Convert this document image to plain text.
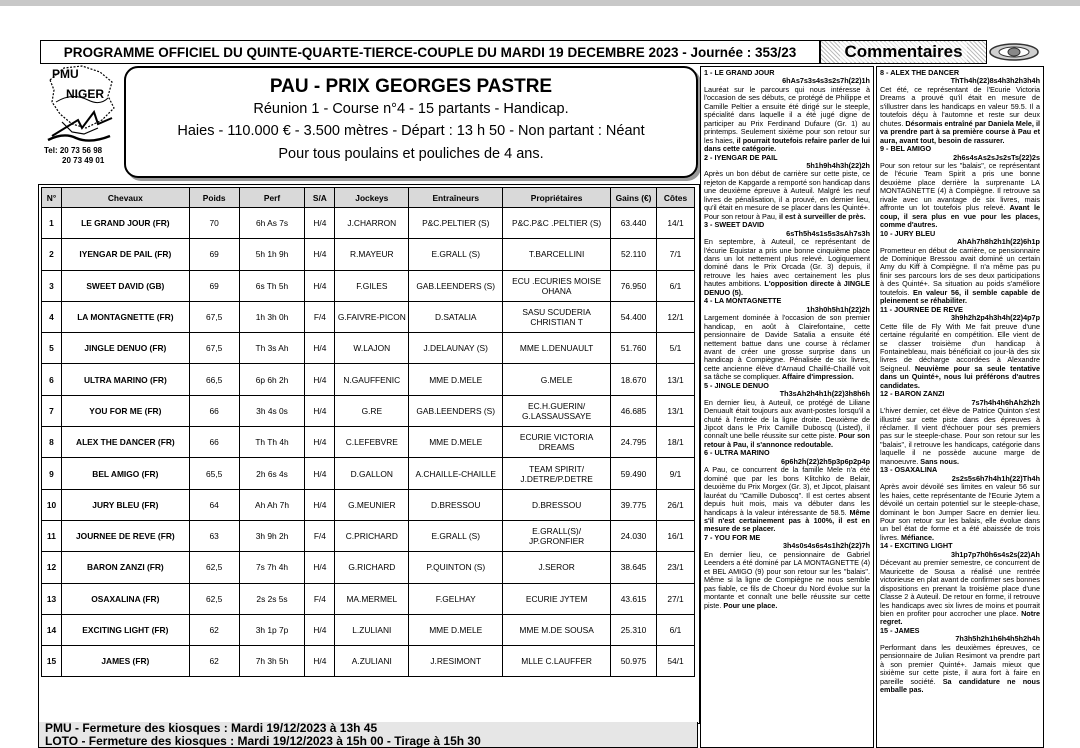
PROGRAMME OFFICIEL DU QUINTE-QUARTE-TIERCE-COUPLE DU MARDI 19 DECEMBRE 2023 - Journée : 353/23	Commentaires
PMU
NIGER
Tel: 20 73 56 98
20 73 49 01
PAU - PRIX GEORGES PASTRE
Réunion 1 - Course n°4 - 15 partants - Handicap.
Haies - 110.000 € - 3.500 mètres - Départ : 13 h 50 - Non partant : Néant
Pour tous poulains et pouliches de 4 ans.
N°	Chevaux	Poids	Perf	S/A	Jockeys	Entraîneurs	Propriétaires	Gains (€)	Côtes
1	LE GRAND JOUR (FR)	70	6h As 7s	H/4	J.CHARRON	P&C.PELTIER (S)	P&C.P&C .PELTIER (S)	63.440	14/1
2	IYENGAR DE PAIL (FR)	69	5h 1h 9h	H/4	R.MAYEUR	E.GRALL (S)	T.BARCELLINI	52.110	7/1
3	SWEET DAVID (GB)	69	6s Th 5h	H/4	F.GILES	GAB.LEENDERS (S)	ECU .ECURIES MOISE OHANA	76.950	6/1
4	LA MONTAGNETTE (FR)	67,5	1h 3h 0h	F/4	G.FAIVRE-PICON	D.SATALIA	SASU SCUDERIA CHRISTIAN T	54.400	12/1
5	JINGLE DENUO (FR)	67,5	Th 3s Ah	H/4	W.LAJON	J.DELAUNAY (S)	MME L.DENUAULT	51.760	5/1
6	ULTRA MARINO (FR)	66,5	6p 6h 2h	H/4	N.GAUFFENIC	MME D.MELE	G.MELE	18.670	13/1
7	YOU FOR ME (FR)	66	3h 4s 0s	H/4	G.RE	GAB.LEENDERS (S)	EC.H.GUERIN/ G.LASSAUSSAYE	46.685	13/1
8	ALEX THE DANCER (FR)	66	Th Th 4h	H/4	C.LEFEBVRE	MME D.MELE	ECURIE VICTORIA DREAMS	24.795	18/1
9	BEL AMIGO (FR)	65,5	2h 6s 4s	H/4	D.GALLON	A.CHAILLE-CHAILLE	TEAM SPIRIT/ J.DETRE/P.DETRE	59.490	9/1
10	JURY BLEU (FR)	64	Ah Ah 7h	H/4	G.MEUNIER	D.BRESSOU	D.BRESSOU	39.775	26/1
11	JOURNEE DE REVE (FR)	63	3h 9h 2h	F/4	C.PRICHARD	E.GRALL (S)	E.GRALL(S)/ JP.GRONFIER	24.030	16/1
12	BARON ZANZI (FR)	62,5	7s 7h 4h	H/4	G.RICHARD	P.QUINTON (S)	J.SEROR	38.645	23/1
13	OSAXALINA (FR)	62,5	2s 2s 5s	F/4	MA.MERMEL	F.GELHAY	ECURIE JYTEM	43.615	27/1
14	EXCITING LIGHT (FR)	62	3h 1p 7p	H/4	L.ZULIANI	MME D.MELE	MME M.DE SOUSA	25.310	6/1
15	JAMES (FR)	62	7h 3h 5h	H/4	A.ZULIANI	J.RESIMONT	MLLE C.LAUFFER	50.975	54/1
PMU - Fermeture des kiosques : Mardi 19/12/2023 à 13h 45
LOTO - Fermeture des kiosques : Mardi 19/12/2023 à 15h 00 - Tirage à 15h 30
1 - LE GRAND JOUR
6hAs7s3s4s3s2s7h(22)1h
Lauréat sur le parcours qui nous intéresse à l'occasion de ses débuts, ce protégé de Philippe et Camille Peltier a ensuite été dirigé sur le steeple, spécialité dans laquelle il a été jugé digne de participer au Prix Ferdinand Dufaure (Gr. 1) au printemps. Seulement sixième pour son retour sur les haies, il pourrait toutefois refaire parler de lui dans cette catégorie.
2 - IYENGAR DE PAIL
5h1h9h4h3h(22)2h
Après un bon début de carrière sur cette piste, ce rejeton de Kapgarde a remporté son handicap dans une deuxième épreuve à Auteuil. Malgré les neuf livres de pénalisation, il a prouvé, en dernier lieu, qu'il était en mesure de se placer dans les Quinté+. Pour son retour à Pau, il est à surveiller de près.
3 - SWEET DAVID
6sTh5h4s1s5s3sAh7s3h
En septembre, à Auteuil, ce représentant de l'écurie Equistar a pris une bonne cinquième place dans un lot nettement plus relevé. Logiquement dominé dans le Prix Orcada (Gr. 3) depuis, il retrouve les haies avec certainement les plus hautes ambitions. L'opposition directe à JINGLE DENUO (5).
4 - LA MONTAGNETTE
1h3h0h5h1h(22)2h
Largement dominée à l'occasion de son premier handicap, en août à Clairefontaine, cette pensionnaire de Davide Satalia a ensuite été nettement battue dans une course à réclamer avant de créer une grosse surprise dans un handicap à Compiègne. Pénalisée de six livres, cette ancienne élève d'Arnaud Chaillé-Chaillé voit sa tâche se compliquer. Affaire d'impression.
5 - JINGLE DENUO
Th3sAh2h4h1h(22)3h8h6h
En dernier lieu, à Auteuil, ce protégé de Liliane Denuault était toujours aux avant-postes lorsqu'il a chuté à l'entrée de la ligne droite. Deuxième de Jipcot dans le Prix Camille Duboscq (Listed), il connaît une belle réussite sur cette piste. Pour son retour à Pau, il s'annonce redoutable.
6 - ULTRA MARINO
6p6h2h(22)2h5p3p6p2p4p
A Pau, ce concurrent de la famille Mele n'a été dominé que par les bons Klitchko de Belair, deuxième du Prix Morgex (Gr. 3), et Jipcot, plaisant lauréat du "Camille Duboscq". Il est certes absent depuis huit mois, mais va débuter dans les handicaps à la valeur intéressante de 58.5. Même s'il n'est certainement pas à 100%, il est en mesure de se placer.
7 - YOU FOR ME
3h4s0s4s6s4s1h2h(22)7h
En dernier lieu, ce pensionnaire de Gabriel Leenders a été dominé par LA MONTAGNETTE (4) et BEL AMIGO (9) pour son retour sur les "balais". Même si la ligne de Compiègne ne nous semble pas fiable, ce fils de Choeur du Nord évolue sur la montante et connaît une belle réussite sur cette piste. Pour une place.
8 - ALEX THE DANCER
ThTh4h(22)8s4h3h2h3h4h
Cet été, ce représentant de l'Ecurie Victoria Dreams a prouvé qu'il était en mesure de s'illustrer dans les handicaps en valeur 59.5. Il a toutefois déçu à l'automne et reste sur deux chutes. Désormais entraîné par Daniela Mele, il va prendre part à sa première course à Pau et aura, avant tout, besoin de rassurer.
9 - BEL AMIGO
2h6s4sAs2sJs2sTs(22)2s
Pour son retour sur les "balais", ce représentant de l'écurie Team Spirit a pris une bonne deuxième place derrière la surprenante LA MONTAGNETTE (4) à Compiègne. Il retrouve sa rivale avec un avantage de six livres, mais affronte un lot toutefois plus relevé. Avant le coup, il sera plus en vue pour les places, comme d'autres.
10 - JURY BLEU
AhAh7h8h2h1h(22)6h1p
Prometteur en début de carrière, ce pensionnaire de Dominique Bressou avait dominé un certain Amy du Kiff à Compiègne. Il n'a même pas pu finir ses parcours lors de ses deux participations à des Quinté+. Sa situation au poids s'améliore toutefois. En valeur 56, il semble capable de pleinement se réhabiliter.
11 - JOURNEE DE REVE
3h9h2h2p4h3h4h(22)4p7p
Cette fille de Fly With Me fait preuve d'une certaine régularité en compétition. Elle vient de se classer troisième d'un handicap à Fontainebleau, mais bénéficiait co jour-là des six livres de décharge accordées à Alexandre Seigneul. Neuvième pour sa seule tentative dans un Quinté+, nous lui préférons d'autres candidates.
12 - BARON ZANZI
7s7h4h4h6hAh2h2h
L'hiver dernier, cet élève de Patrice Quinton s'est illustré sur cette piste dans des épreuves à réclamer. Il vient d'échouer pour ses premiers pas sur le steeple-chase. Pour son retour sur les "balais", il retrouve les handicaps, catégorie dans laquelle il ne possède aucune marge de manoeuvre. Sans nous.
13 - OSAXALINA
2s2s5s6h7h4h1h(22)Th4h
Après avoir dévoilé ses limites en valeur 56 sur les haies, cette représentante de l'Ecurie Jytem a dévoilé un certain potentiel sur le steeple-chase, dominant le bon Jumper Sacre en dernier lieu. Pour son retour sur les balais, elle évolue dans un bel état de forme et a été abaissée de trois livres. Méfiance.
14 - EXCITING LIGHT
3h1p7p7h0h6s4s2s(22)Ah
Décevant au premier semestre, ce concurrent de Mauricette de Sousa a réalisé une rentrée victorieuse en plat avant de confirmer ses bonnes dispositions en prenant la troisième place d'une Classe 2 à Auteuil. De retour en forme, il retrouve les handicaps avec six livres de moins et pourrait bien en profiter pour accrocher une place. Notre regret.
15 - JAMES
7h3h5h2h1h6h4h5h2h4h
Performant dans les deuxièmes épreuves, ce pensionnaire de Julian Resimont va prendre part à son premier Quinté+. Jamais mieux que sixième sur cette piste, il aura fort à faire en pareille société. Sa candidature ne nous emballe pas.
